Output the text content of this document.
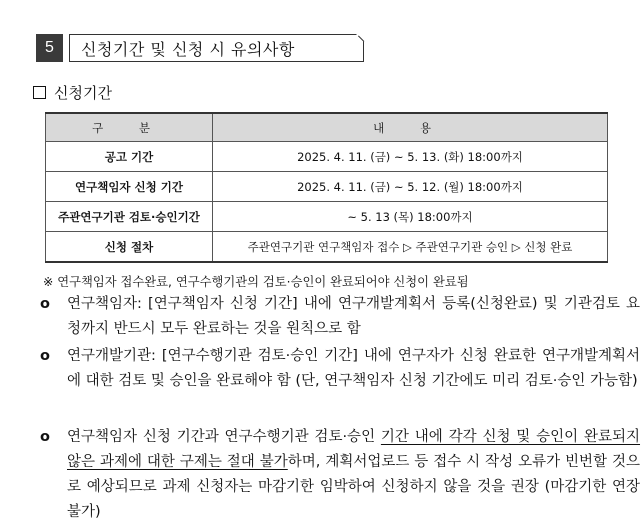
5	신청기간 및 신청 시 유의사항
신청기간
구 분	내 용
공고 기간	2025. 4. 11. (금) ~ 5. 13. (화) 18:00까지
연구책임자 신청 기간	2025. 4. 11. (금) ~ 5. 12. (월) 18:00까지
주관연구기관 검토·승인기간	~ 5. 13 (목) 18:00까지
신청 절차	주관연구기관 연구책임자 접수 ▷ 주관연구기관 승인 ▷ 신청 완료
※ 연구책임자 접수완료, 연구수행기관의 검토·승인이 완료되어야 신청이 완료됨
o	연구책임자: [연구책임자 신청 기간] 내에 연구개발계획서 등록(신청완료) 및 기관검토 요청까지 반드시 모두 완료하는 것을 원칙으로 함
o	연구개발기관: [연구수행기관 검토·승인 기간] 내에 연구자가 신청 완료한 연구개발계획서에 대한 검토 및 승인을 완료해야 함 (단, 연구책임자 신청 기간에도 미리 검토·승인 가능함)
o	연구책임자 신청 기간과 연구수행기관 검토·승인 기간 내에 각각 신청 및 승인이 완료되지 않은 과제에 대한 구제는 절대 불가하며, 계획서업로드 등 접수 시 작성 오류가 빈번할 것으로 예상되므로 과제 신청자는 마감기한 임박하여 신청하지 않을 것을 권장 (마감기한 연장 불가)
